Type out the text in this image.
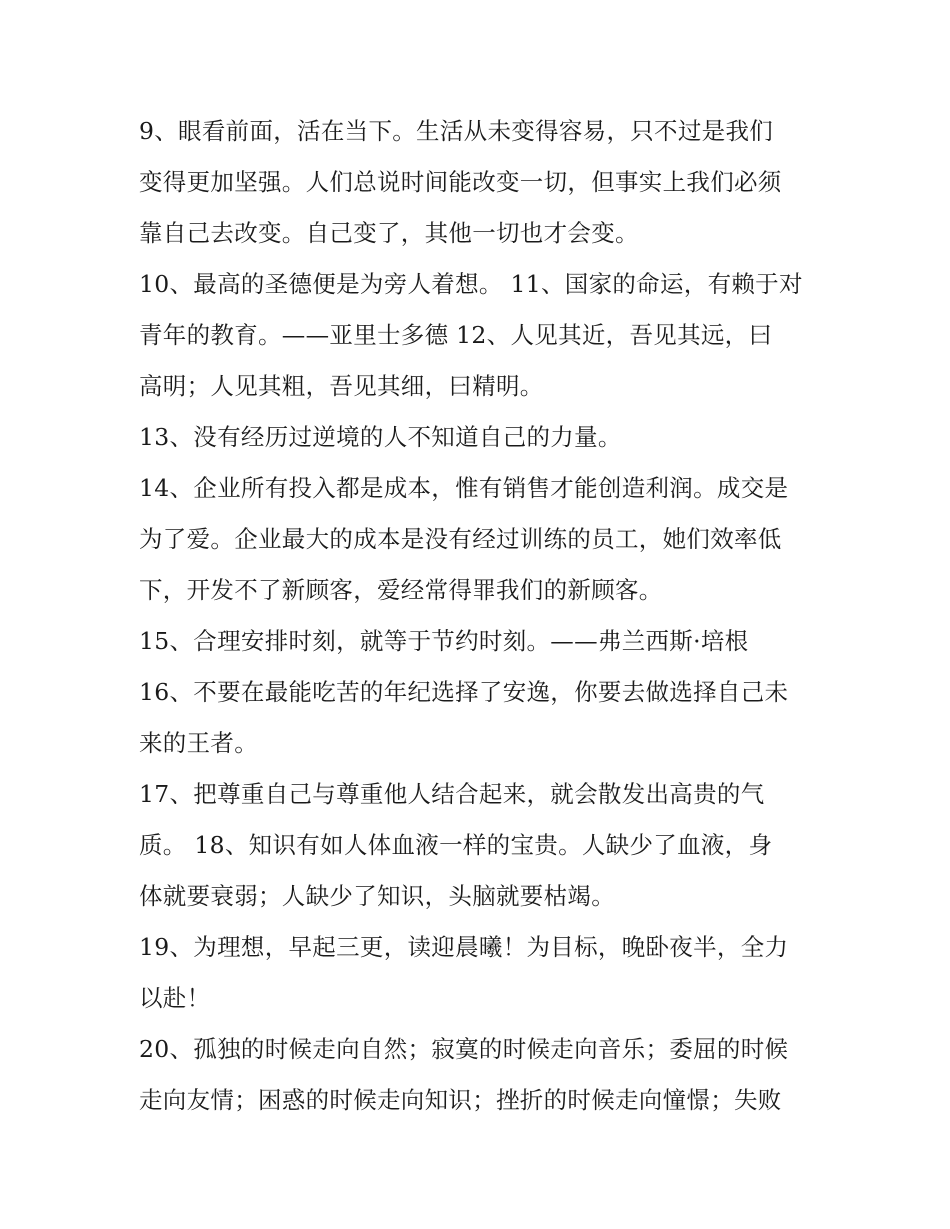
9、眼看前面，活在当下。生活从未变得容易，只不过是我们
变得更加坚强。人们总说时间能改变一切，但事实上我们必须
靠自己去改变。自己变了，其他一切也才会变。
10、最高的圣德便是为旁人着想。 11、国家的命运，有赖于对
青年的教育。——亚里士多德 12、人见其近，吾见其远，曰
高明；人见其粗，吾见其细，曰精明。
13、没有经历过逆境的人不知道自己的力量。
14、企业所有投入都是成本，惟有销售才能创造利润。成交是
为了爱。企业最大的成本是没有经过训练的员工，她们效率低
下，开发不了新顾客，爱经常得罪我们的新顾客。
15、合理安排时刻，就等于节约时刻。——弗兰西斯·培根
16、不要在最能吃苦的年纪选择了安逸，你要去做选择自己未
来的王者。
17、把尊重自己与尊重他人结合起来，就会散发出高贵的气
质。 18、知识有如人体血液一样的宝贵。人缺少了血液，身
体就要衰弱；人缺少了知识，头脑就要枯竭。
19、为理想，早起三更，读迎晨曦！为目标，晚卧夜半，全力
以赴！
20、孤独的时候走向自然；寂寞的时候走向音乐；委屈的时候
走向友情；困惑的时候走向知识；挫折的时候走向憧憬；失败
